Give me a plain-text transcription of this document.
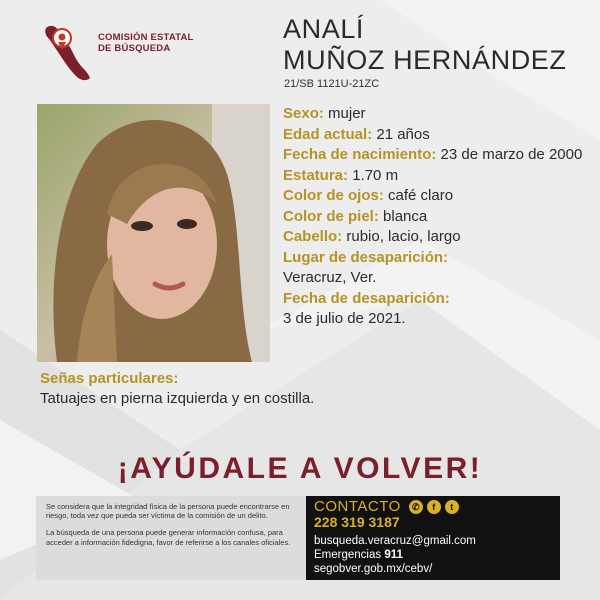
COMISIÓN ESTATAL
DE BÚSQUEDA
ANALÍ
MUÑOZ HERNÁNDEZ
21/SB 1121U-21ZC
Sexo: mujer
Edad actual: 21 años
Fecha de nacimiento: 23 de marzo de 2000
Estatura: 1.70 m
Color de ojos: café claro
Color de piel: blanca
Cabello: rubio, lacio, largo
Lugar de desaparición:
Veracruz, Ver.
Fecha de desaparición:
3 de julio de 2021.
Señas particulares:
Tatuajes en pierna izquierda y en costilla.
¡AYÚDALE A VOLVER!

Se considera que la integridad física de la persona puede encontrarse en riesgo, toda vez que pueda ser víctima de la comisión de un delito.

La búsqueda de una persona puede generar información confusa, para acceder a información fidedigna, favor de referirse a los canales oficiales.

CONTACTO	✆	f	t
228 319 3187
busqueda.veracruz@gmail.com
Emergencias 911
segobver.gob.mx/cebv/
